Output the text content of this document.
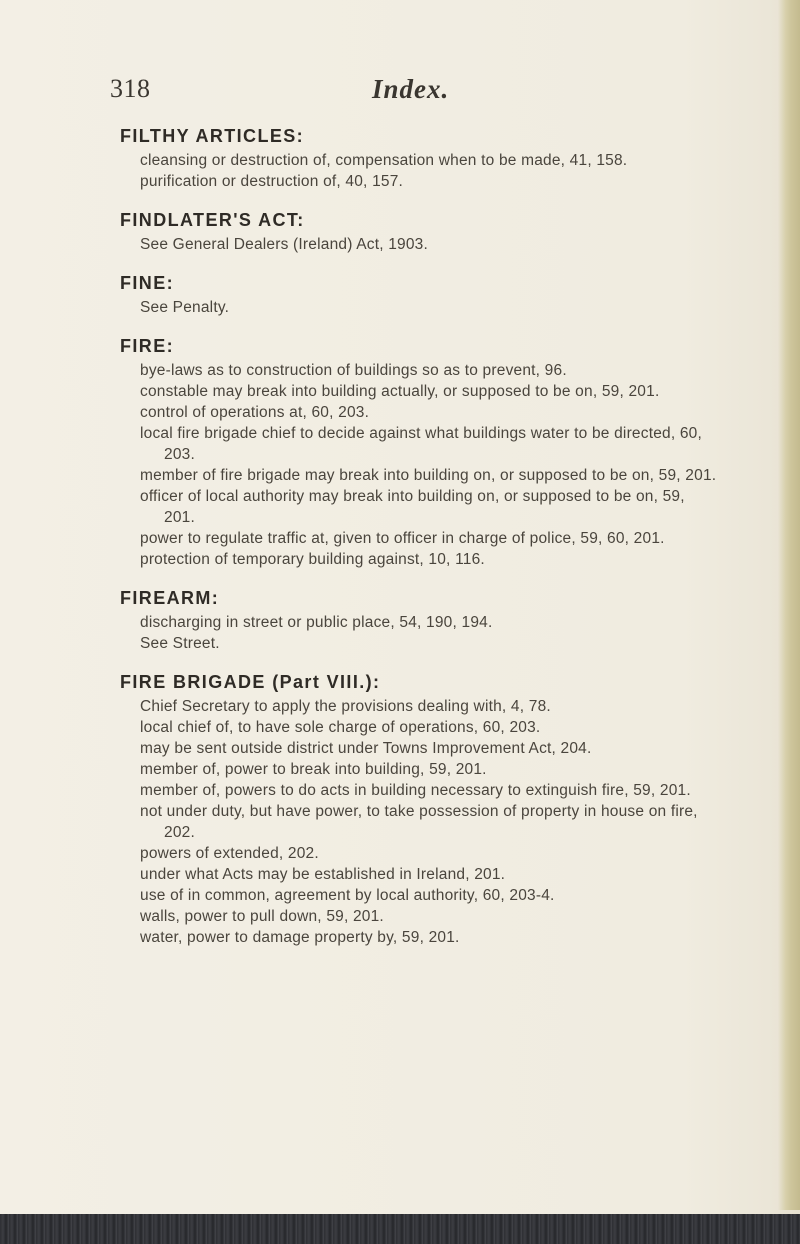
318	Index.

FILTHY ARTICLES:

cleansing or destruction of, compensation when to be made, 41, 158.

purification or destruction of, 40, 157.

FINDLATER'S ACT:

See General Dealers (Ireland) Act, 1903.

FINE:

See Penalty.

FIRE:

bye-laws as to construction of buildings so as to prevent, 96.

constable may break into building actually, or supposed to be on, 59, 201.

control of operations at, 60, 203.

local fire brigade chief to decide against what buildings water to be directed, 60, 203.

member of fire brigade may break into building on, or supposed to be on, 59, 201.

officer of local authority may break into building on, or supposed to be on, 59, 201.

power to regulate traffic at, given to officer in charge of police, 59, 60, 201.

protection of temporary building against, 10, 116.

FIREARM:

discharging in street or public place, 54, 190, 194.

See Street.

FIRE BRIGADE (Part VIII.):

Chief Secretary to apply the provisions dealing with, 4, 78.

local chief of, to have sole charge of operations, 60, 203.

may be sent outside district under Towns Improvement Act, 204.

member of, power to break into building, 59, 201.

member of, powers to do acts in building necessary to extinguish fire, 59, 201.

not under duty, but have power, to take possession of property in house on fire, 202.

powers of extended, 202.

under what Acts may be established in Ireland, 201.

use of in common, agreement by local authority, 60, 203-4.

walls, power to pull down, 59, 201.

water, power to damage property by, 59, 201.
